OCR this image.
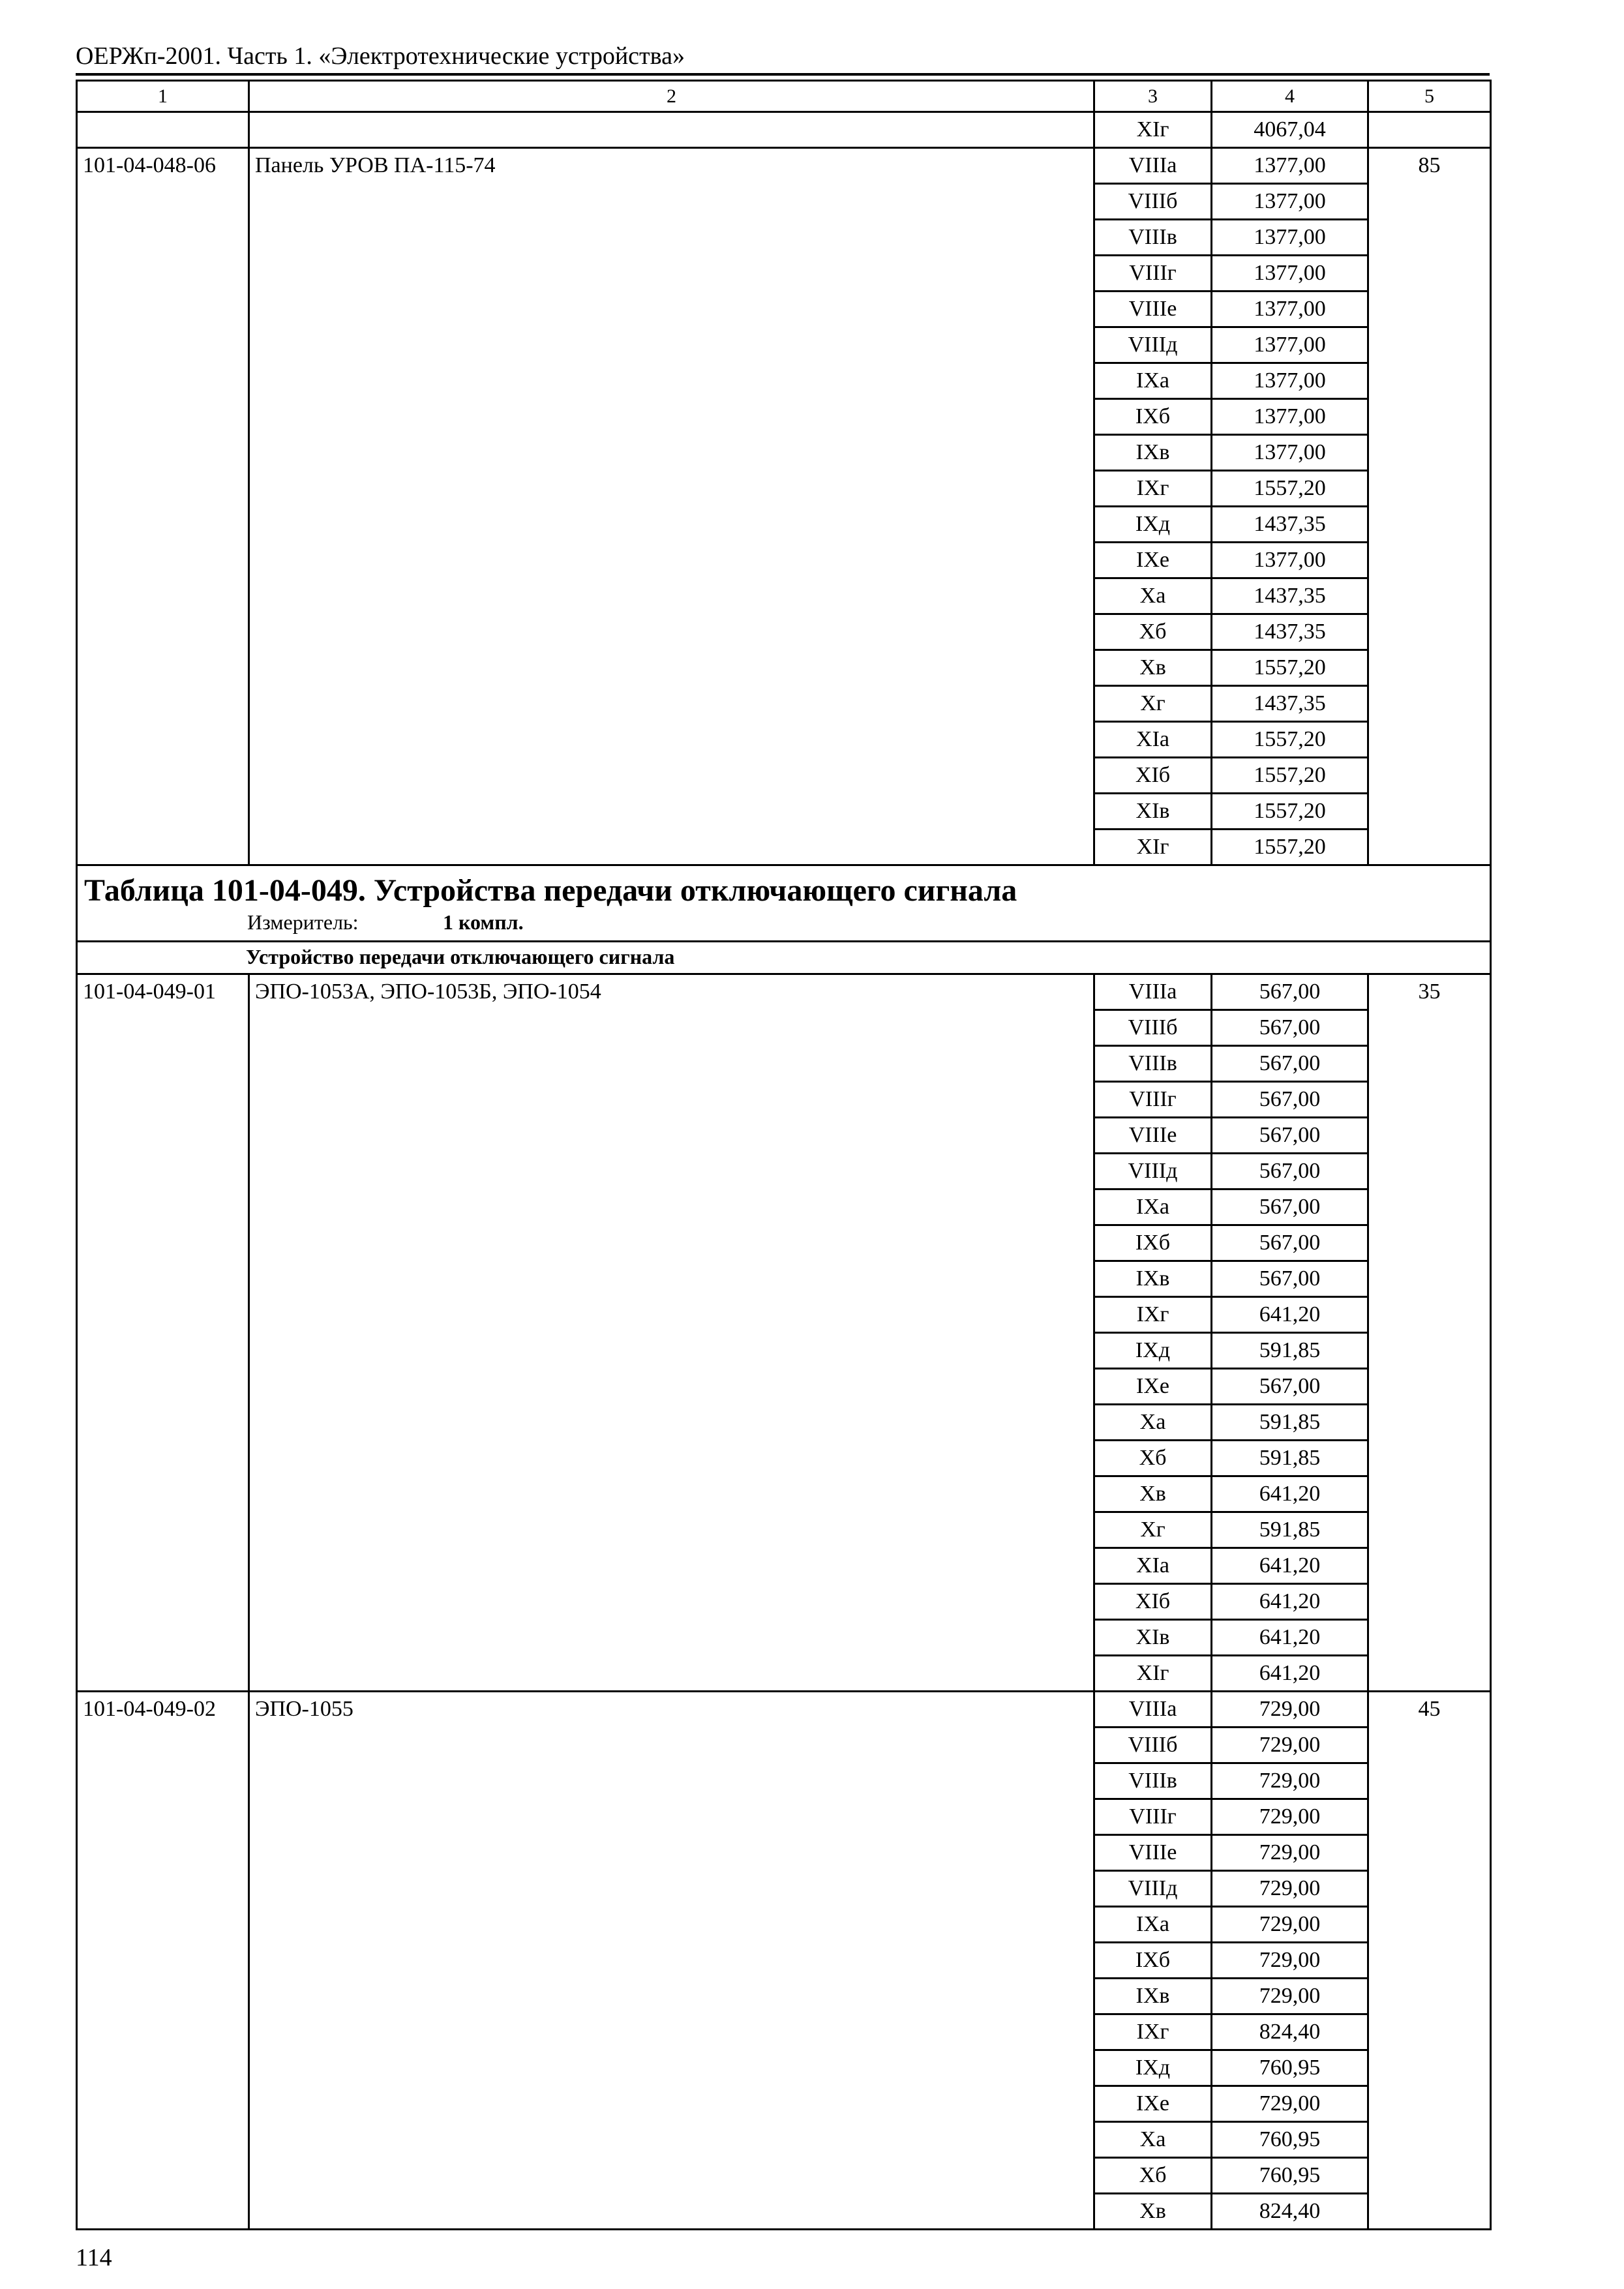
ОЕРЖп-2001. Часть 1. «Электротехнические устройства»
1	2	3	4	5
		XIг	4067,04	
101-04-048-06	Панель УРОВ ПА-115-74	VIIIа	1377,00	85
		VIIIб	1377,00	
		VIIIв	1377,00	
		VIIIг	1377,00	
		VIIIе	1377,00	
		VIIIд	1377,00	
		IXа	1377,00	
		IXб	1377,00	
		IXв	1377,00	
		IXг	1557,20	
		IXд	1437,35	
		IXе	1377,00	
		Xа	1437,35	
		Xб	1437,35	
		Xв	1557,20	
		Xг	1437,35	
		XIа	1557,20	
		XIб	1557,20	
		XIв	1557,20	
		XIг	1557,20	

Таблица 101-04-049. Устройства передачи отключающего сигнала
Измеритель: 1 компл.				

Устройство передачи отключающего сигнала				
101-04-049-01	ЭПО-1053А, ЭПО-1053Б, ЭПО-1054	VIIIа	567,00	35
		VIIIб	567,00	
		VIIIв	567,00	
		VIIIг	567,00	
		VIIIе	567,00	
		VIIIд	567,00	
		IXа	567,00	
		IXб	567,00	
		IXв	567,00	
		IXг	641,20	
		IXд	591,85	
		IXе	567,00	
		Xа	591,85	
		Xб	591,85	
		Xв	641,20	
		Xг	591,85	
		XIа	641,20	
		XIб	641,20	
		XIв	641,20	
		XIг	641,20	
101-04-049-02	ЭПО-1055	VIIIа	729,00	45
		VIIIб	729,00	
		VIIIв	729,00	
		VIIIг	729,00	
		VIIIе	729,00	
		VIIIд	729,00	
		IXа	729,00	
		IXб	729,00	
		IXв	729,00	
		IXг	824,40	
		IXд	760,95	
		IXе	729,00	
		Xа	760,95	
		Xб	760,95	
		Xв	824,40	
114
